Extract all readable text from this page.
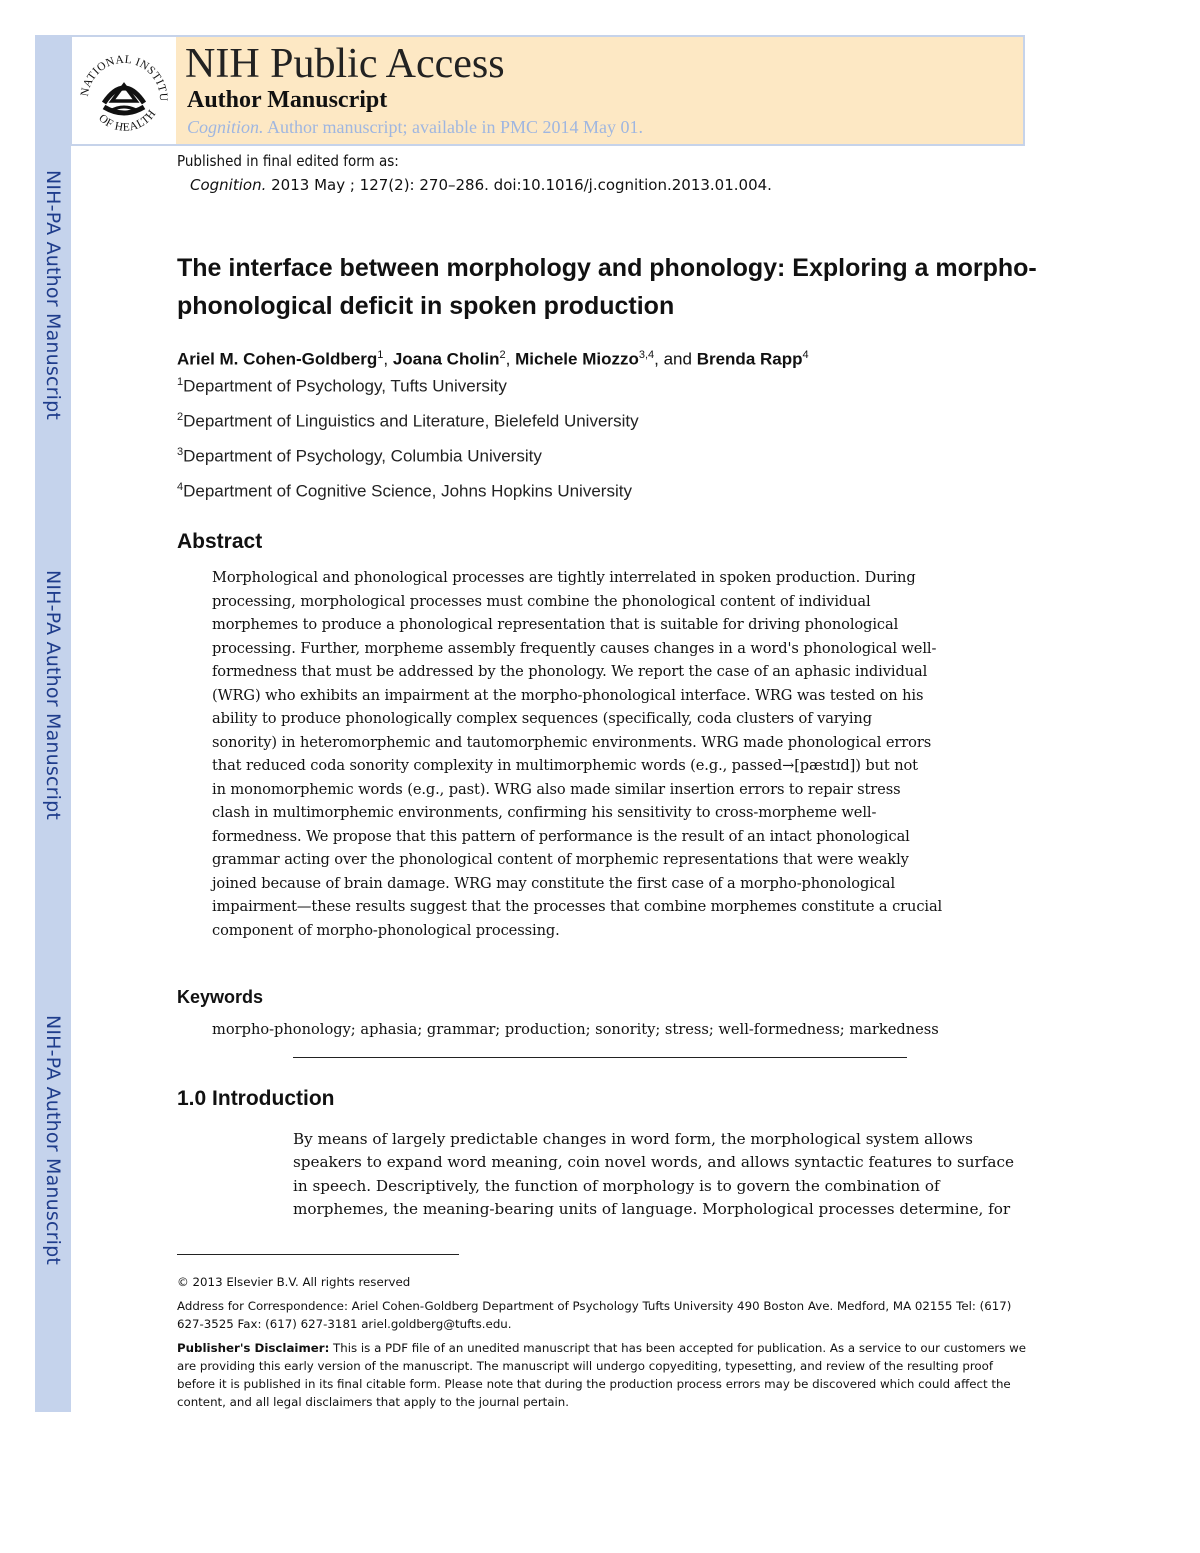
NIH-PA Author Manuscript
NIH-PA Author Manuscript
NIH-PA Author Manuscript
NATIONAL INSTITU
OF HEALTH
NIH Public Access
Author Manuscript
Cognition. Author manuscript; available in PMC 2014 May 01.
Published in final edited form as:
Cognition. 2013 May ; 127(2): 270–286. doi:10.1016/j.cognition.2013.01.004.
The interface between morphology and phonology: Exploring a morpho-phonological deficit in spoken production
Ariel M. Cohen-Goldberg$^1$, Joana Cholin$^2$, Michele Miozzo$^{3,4}$, and Brenda Rapp$^4$
$^1$Department of Psychology, Tufts University
$^2$Department of Linguistics and Literature, Bielefeld University
$^3$Department of Psychology, Columbia University
$^4$Department of Cognitive Science, Johns Hopkins University
Abstract
Morphological and phonological processes are tightly interrelated in spoken production. During
processing, morphological processes must combine the phonological content of individual
morphemes to produce a phonological representation that is suitable for driving phonological
processing. Further, morpheme assembly frequently causes changes in a word's phonological well-
formedness that must be addressed by the phonology. We report the case of an aphasic individual
(WRG) who exhibits an impairment at the morpho-phonological interface. WRG was tested on his
ability to produce phonologically complex sequences (specifically, coda clusters of varying
sonority) in heteromorphemic and tautomorphemic environments. WRG made phonological errors
that reduced coda sonority complexity in multimorphemic words (e.g., passed→[pæstɪd]) but not
in monomorphemic words (e.g., past). WRG also made similar insertion errors to repair stress
clash in multimorphemic environments, confirming his sensitivity to cross-morpheme well-
formedness. We propose that this pattern of performance is the result of an intact phonological
grammar acting over the phonological content of morphemic representations that were weakly
joined because of brain damage. WRG may constitute the first case of a morpho-phonological
impairment—these results suggest that the processes that combine morphemes constitute a crucial
component of morpho-phonological processing.
Keywords
morpho-phonology; aphasia; grammar; production; sonority; stress; well-formedness; markedness
1.0 Introduction
By means of largely predictable changes in word form, the morphological system allows
speakers to expand word meaning, coin novel words, and allows syntactic features to surface
in speech. Descriptively, the function of morphology is to govern the combination of
morphemes, the meaning-bearing units of language. Morphological processes determine, for
© 2013 Elsevier B.V. All rights reserved
Address for Correspondence: Ariel Cohen-Goldberg Department of Psychology Tufts University 490 Boston Ave. Medford, MA 02155 Tel: (617) 627-3525 Fax: (617) 627-3181 ariel.goldberg@tufts.edu.
Publisher's Disclaimer: This is a PDF file of an unedited manuscript that has been accepted for publication. As a service to our customers we are providing this early version of the manuscript. The manuscript will undergo copyediting, typesetting, and review of the resulting proof before it is published in its final citable form. Please note that during the production process errors may be discovered which could affect the content, and all legal disclaimers that apply to the journal pertain.
